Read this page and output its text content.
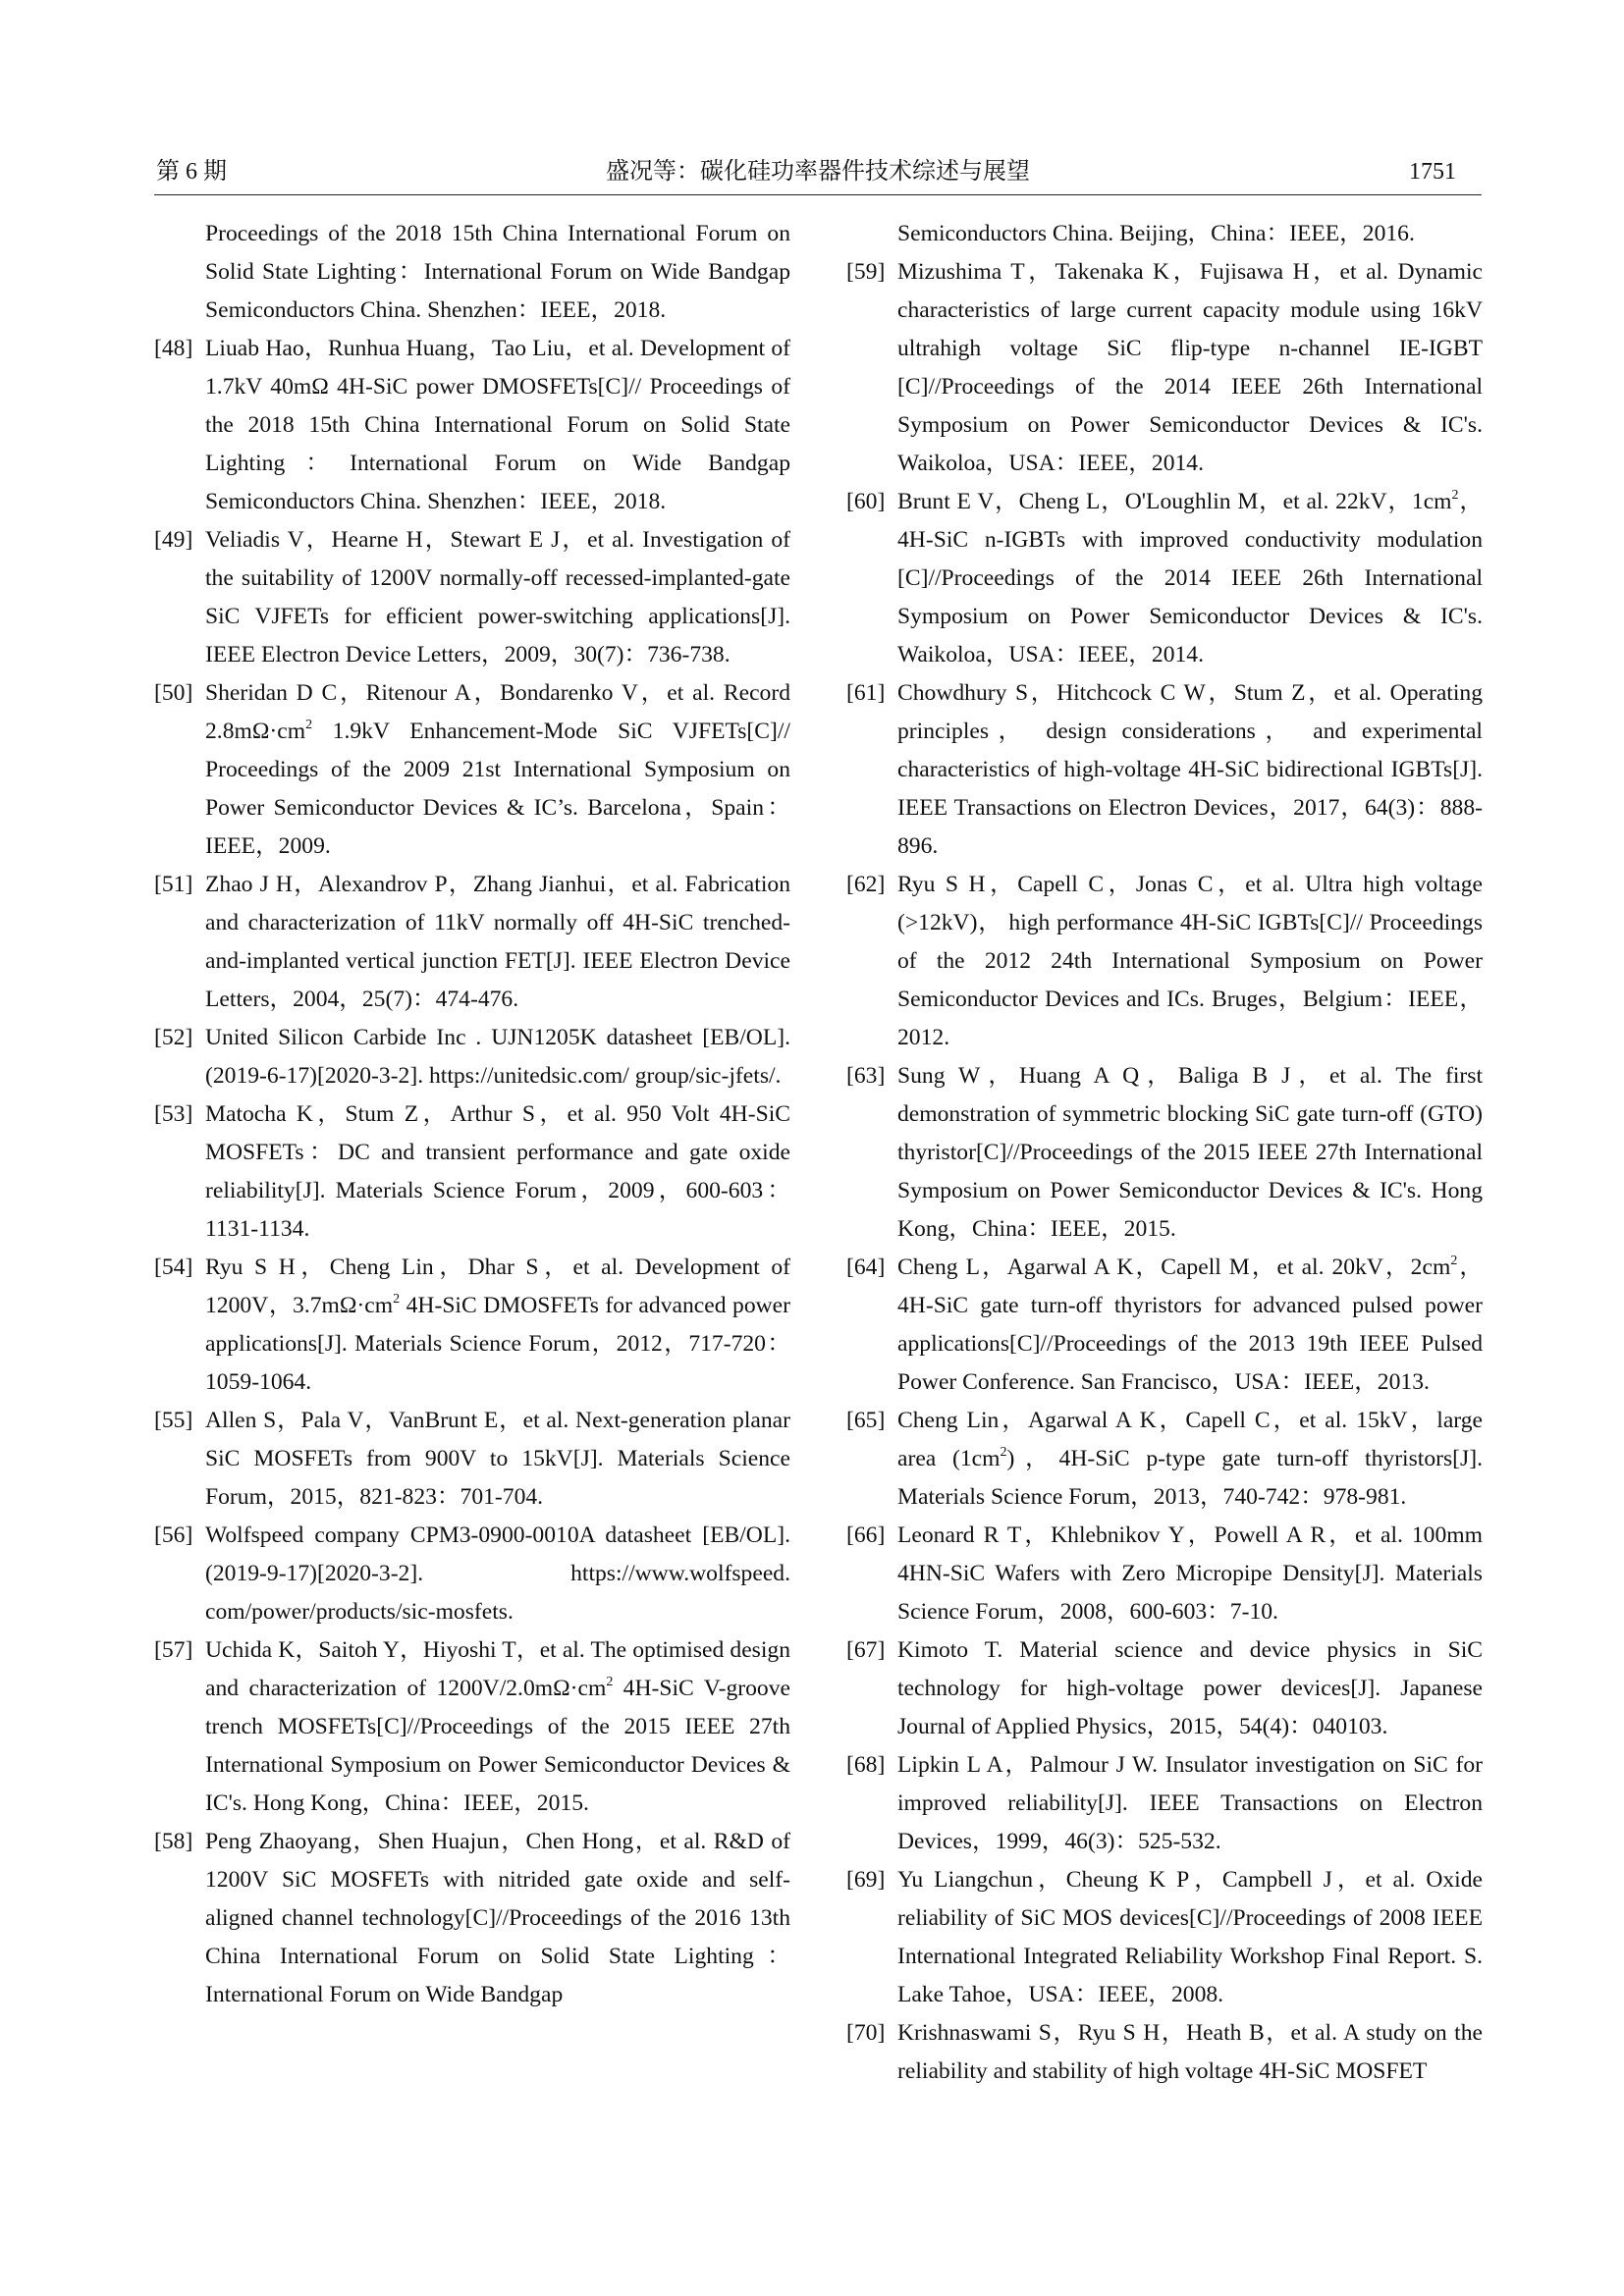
第 6 期	盛况等：碳化硅功率器件技术综述与展望	1751
Proceedings of the 2018 15th China International Forum on Solid State Lighting：International Forum on Wide Bandgap Semiconductors China. Shenzhen：IEEE，2018.
[48] Liuab Hao，Runhua Huang，Tao Liu，et al. Development of 1.7kV 40mΩ 4H-SiC power DMOSFETs[C]// Proceedings of the 2018 15th China International Forum on Solid State Lighting：International Forum on Wide Bandgap Semiconductors China. Shenzhen：IEEE，2018.
[49] Veliadis V，Hearne H，Stewart E J，et al. Investigation of the suitability of 1200V normally-off recessed-implanted-gate SiC VJFETs for efficient power-switching applications[J]. IEEE Electron Device Letters，2009，30(7)：736-738.
[50] Sheridan D C，Ritenour A，Bondarenko V，et al. Record $2.8m\Omega\cdot cm^2$ 1.9kV Enhancement-Mode SiC VJFETs[C]// Proceedings of the 2009 21st International Symposium on Power Semiconductor Devices & IC’s. Barcelona，Spain：IEEE，2009.
[51] Zhao J H，Alexandrov P，Zhang Jianhui，et al. Fabrication and characterization of 11kV normally off 4H-SiC trenched-and-implanted vertical junction FET[J]. IEEE Electron Device Letters，2004，25(7)：474-476.
[52] United Silicon Carbide Inc . UJN1205K datasheet [EB/OL]. (2019-6-17)[2020-3-2]. https://unitedsic.com/ group/sic-jfets/.
[53] Matocha K，Stum Z，Arthur S，et al. 950 Volt 4H-SiC MOSFETs：DC and transient performance and gate oxide reliability[J]. Materials Science Forum，2009，600-603：1131-1134.
[54] Ryu S H，Cheng Lin，Dhar S，et al. Development of 1200V，$3.7m\Omega\cdot cm^2$ 4H-SiC DMOSFETs for advanced power applications[J]. Materials Science Forum，2012，717-720：1059-1064.
[55] Allen S，Pala V，VanBrunt E，et al. Next-generation planar SiC MOSFETs from 900V to 15kV[J]. Materials Science Forum，2015，821-823：701-704.
[56] Wolfspeed company CPM3-0900-0010A datasheet [EB/OL]. (2019-9-17)[2020-3-2]. https://www.wolfspeed. com/power/products/sic-mosfets.
[57] Uchida K，Saitoh Y，Hiyoshi T，et al. The optimised design and characterization of $1200V/2.0m\Omega\cdot cm^2$ 4H-SiC V-groove trench MOSFETs[C]//Proceedings of the 2015 IEEE 27th International Symposium on Power Semiconductor Devices & IC's. Hong Kong，China：IEEE，2015.
[58] Peng Zhaoyang，Shen Huajun，Chen Hong，et al. R&D of 1200V SiC MOSFETs with nitrided gate oxide and self-aligned channel technology[C]//Proceedings of the 2016 13th China International Forum on Solid State Lighting：International Forum on Wide Bandgap
Semiconductors China. Beijing，China：IEEE，2016.
[59] Mizushima T，Takenaka K，Fujisawa H，et al. Dynamic characteristics of large current capacity module using 16kV ultrahigh voltage SiC flip-type n-channel IE-IGBT [C]//Proceedings of the 2014 IEEE 26th International Symposium on Power Semiconductor Devices & IC's. Waikoloa，USA：IEEE，2014.
[60] Brunt E V，Cheng L，O'Loughlin M，et al. 22kV，$1cm^2$，4H-SiC n-IGBTs with improved conductivity modulation [C]//Proceedings of the 2014 IEEE 26th International Symposium on Power Semiconductor Devices & IC's. Waikoloa，USA：IEEE，2014.
[61] Chowdhury S，Hitchcock C W，Stum Z，et al. Operating principles， design considerations， and experimental characteristics of high-voltage 4H-SiC bidirectional IGBTs[J]. IEEE Transactions on Electron Devices，2017，64(3)：888-896.
[62] Ryu S H，Capell C，Jonas C，et al. Ultra high voltage (>12kV)， high performance 4H-SiC IGBTs[C]// Proceedings of the 2012 24th International Symposium on Power Semiconductor Devices and ICs. Bruges，Belgium：IEEE，2012.
[63] Sung W，Huang A Q，Baliga B J，et al. The first demonstration of symmetric blocking SiC gate turn-off (GTO) thyristor[C]//Proceedings of the 2015 IEEE 27th International Symposium on Power Semiconductor Devices & IC's. Hong Kong，China：IEEE，2015.
[64] Cheng L，Agarwal A K，Capell M，et al. 20kV，$2cm^2$，4H-SiC gate turn-off thyristors for advanced pulsed power applications[C]//Proceedings of the 2013 19th IEEE Pulsed Power Conference. San Francisco，USA：IEEE，2013.
[65] Cheng Lin，Agarwal A K，Capell C，et al. 15kV，large area $(1cm^2)$，4H-SiC p-type gate turn-off thyristors[J]. Materials Science Forum，2013，740-742：978-981.
[66] Leonard R T，Khlebnikov Y，Powell A R，et al. 100mm 4HN-SiC Wafers with Zero Micropipe Density[J]. Materials Science Forum，2008，600-603：7-10.
[67] Kimoto T. Material science and device physics in SiC technology for high-voltage power devices[J]. Japanese Journal of Applied Physics，2015，54(4)：040103.
[68] Lipkin L A，Palmour J W. Insulator investigation on SiC for improved reliability[J]. IEEE Transactions on Electron Devices，1999，46(3)：525-532.
[69] Yu Liangchun，Cheung K P，Campbell J，et al. Oxide reliability of SiC MOS devices[C]//Proceedings of 2008 IEEE International Integrated Reliability Workshop Final Report. S. Lake Tahoe，USA：IEEE，2008.
[70] Krishnaswami S，Ryu S H，Heath B，et al. A study on the reliability and stability of high voltage 4H-SiC MOSFET
